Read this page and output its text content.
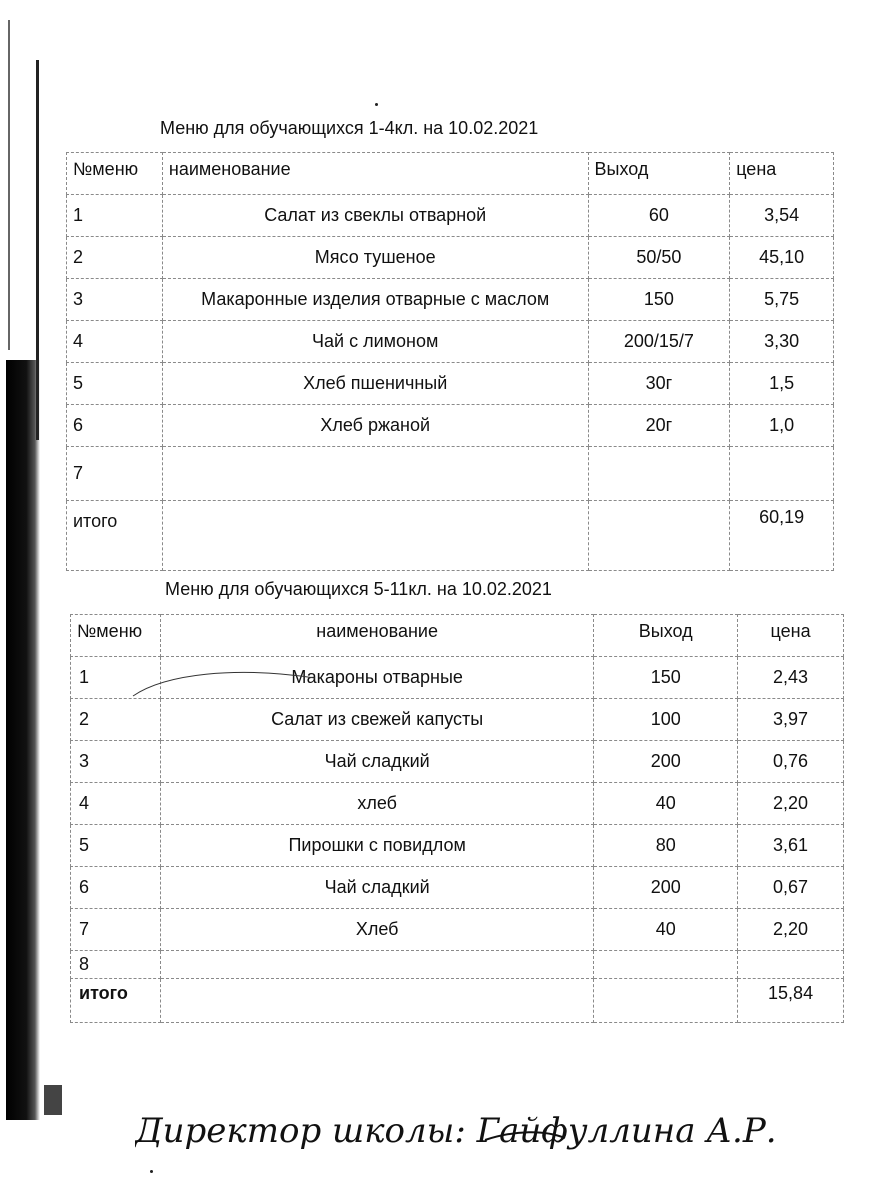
Меню для обучающихся 1-4кл. на 10.02.2021
№меню	наименование	Выход	цена
1	Салат из свеклы отварной	60	3,54
2	Мясо тушеное	50/50	45,10
3	Макаронные изделия отварные с маслом	150	5,75
4	Чай с лимоном	200/15/7	3,30
5	Хлеб пшеничный	30г	1,5
6	Хлеб ржаной	20г	1,0
7			
итого			60,19
Меню для обучающихся 5-11кл. на 10.02.2021
№меню	наименование	Выход	цена
1	Макароны отварные	150	2,43
2	Салат из свежей капусты	100	3,97
3	Чай сладкий	200	0,76
4	хлеб	40	2,20
5	Пирошки с повидлом	80	3,61
6	Чай сладкий	200	0,67
7	Хлеб	40	2,20
8			
итого			15,84
Директор школы: Гайфуллина А.Р.
